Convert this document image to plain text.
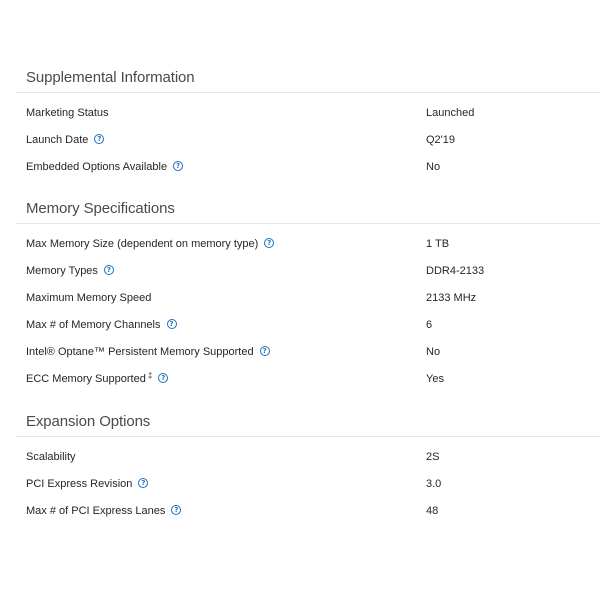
Supplemental Information
Marketing Status	Launched
Launch Date ?	Q2'19
Embedded Options Available ?	No
Memory Specifications
Max Memory Size (dependent on memory type) ?	1 TB
Memory Types ?	DDR4-2133
Maximum Memory Speed	2133 MHz
Max # of Memory Channels ?	6
Intel® Optane™ Persistent Memory Supported ?	No
ECC Memory Supported ‡ ?	Yes
Expansion Options
Scalability	2S
PCI Express Revision ?	3.0
Max # of PCI Express Lanes ?	48
